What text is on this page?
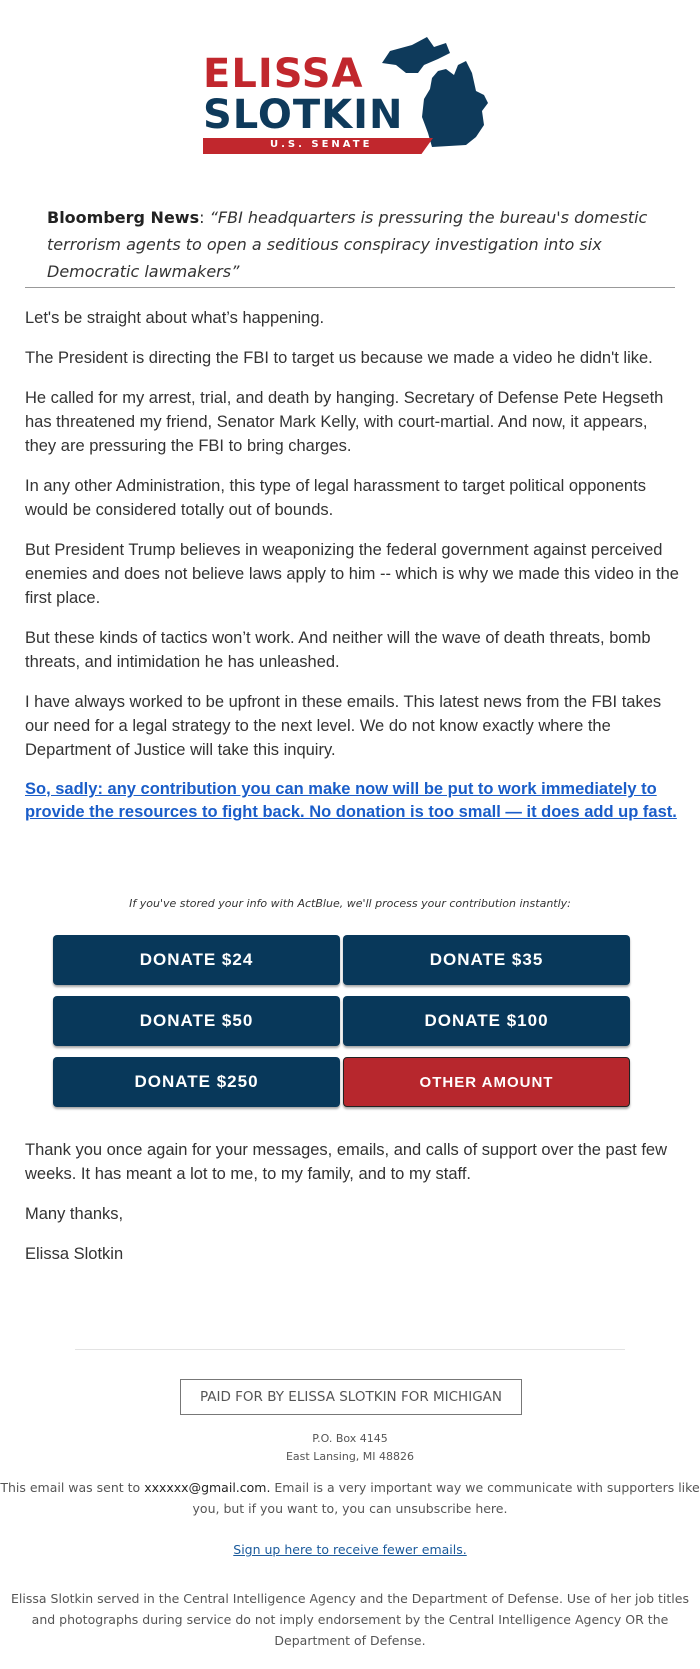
ELISSA
SLOTKIN
U.S. SENATE
Bloomberg News: “FBI headquarters is pressuring the bureau's domestic terrorism agents to open a seditious conspiracy investigation into six Democratic lawmakers”

Let's be straight about what’s happening.

The President is directing the FBI to target us because we made a video he didn't like.

He called for my arrest, trial, and death by hanging. Secretary of Defense Pete Hegseth has threatened my friend, Senator Mark Kelly, with court-martial. And now, it appears, they are pressuring the FBI to bring charges.

In any other Administration, this type of legal harassment to target political opponents would be considered totally out of bounds.

But President Trump believes in weaponizing the federal government against perceived enemies and does not believe laws apply to him -- which is why we made this video in the first place.

But these kinds of tactics won’t work. And neither will the wave of death threats, bomb threats, and intimidation he has unleashed.

I have always worked to be upfront in these emails. This latest news from the FBI takes our need for a legal strategy to the next level. We do not know exactly where the Department of Justice will take this inquiry.

So, sadly: any contribution you can make now will be put to work immediately to provide the resources to fight back. No donation is too small — it does add up fast.
If you've stored your info with ActBlue, we'll process your contribution instantly:
DONATE $24	DONATE $35
DONATE $50	DONATE $100
DONATE $250	OTHER AMOUNT

Thank you once again for your messages, emails, and calls of support over the past few weeks. It has meant a lot to me, to my family, and to my staff.

Many thanks,

Elissa Slotkin

PAID FOR BY ELISSA SLOTKIN FOR MICHIGAN
P.O. Box 4145
East Lansing, MI 48826
This email was sent to xxxxxx@gmail.com. Email is a very important way we communicate with supporters like you, but if you want to, you can unsubscribe here.
Sign up here to receive fewer emails.
Elissa Slotkin served in the Central Intelligence Agency and the Department of Defense. Use of her job titles and photographs during service do not imply endorsement by the Central Intelligence Agency OR the Department of Defense.
